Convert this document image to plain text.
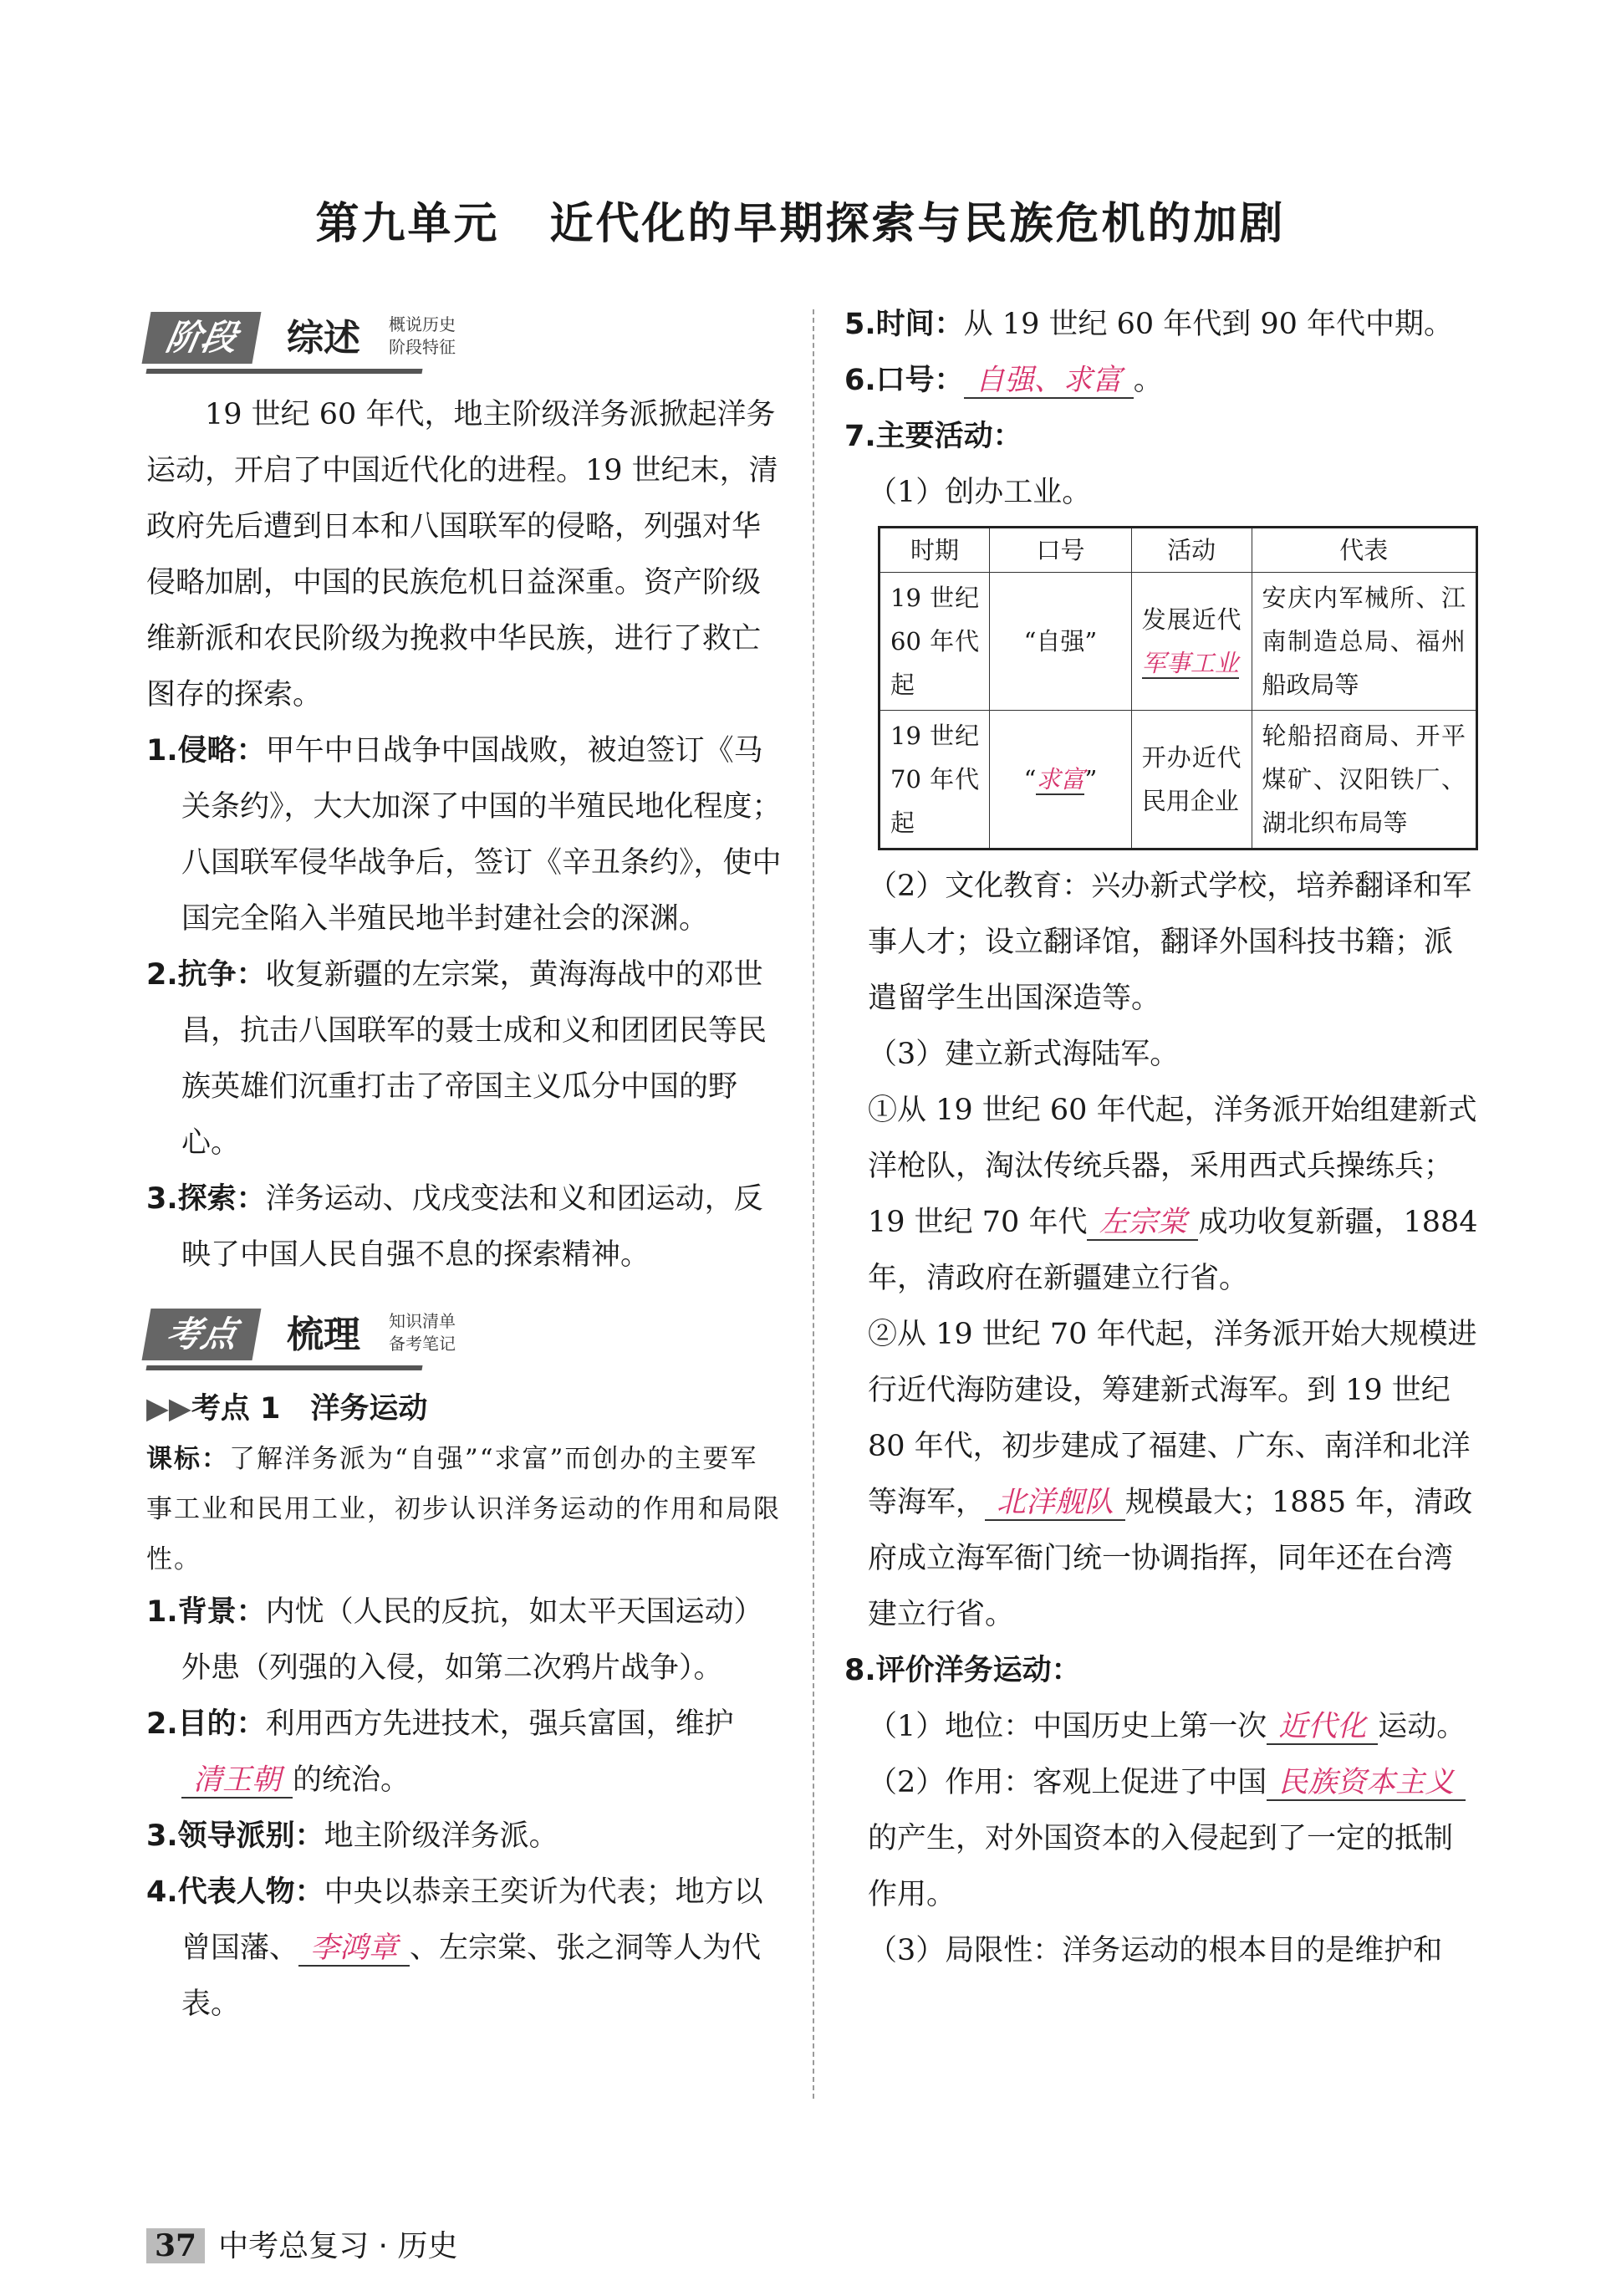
第九单元 近代化的早期探索与民族危机的加剧
阶段	综述 概说历史
阶段特征

19 世纪 60 年代，地主阶级洋务派掀起洋务运动，开启了中国近代化的进程。19 世纪末，清政府先后遭到日本和八国联军的侵略，列强对华侵略加剧，中国的民族危机日益深重。资产阶级维新派和农民阶级为挽救中华民族，进行了救亡图存的探索。

1.侵略：甲午中日战争中国战败，被迫签订《马关条约》，大大加深了中国的半殖民地化程度；八国联军侵华战争后，签订《辛丑条约》，使中国完全陷入半殖民地半封建社会的深渊。

2.抗争：收复新疆的左宗棠，黄海海战中的邓世昌，抗击八国联军的聂士成和义和团团民等民族英雄们沉重打击了帝国主义瓜分中国的野心。

3.探索：洋务运动、戊戌变法和义和团运动，反映了中国人民自强不息的探索精神。

考点	梳理 知识清单
备考笔记

▶▶考点 1 洋务运动

课标：了解洋务派为“自强”“求富”而创办的主要军事工业和民用工业，初步认识洋务运动的作用和局限性。

1.背景：内忧（人民的反抗，如太平天国运动）外患（列强的入侵，如第二次鸦片战争）。

2.目的：利用西方先进技术，强兵富国，维护清王朝 的统治。

3.领导派别：地主阶级洋务派。

4.代表人物：中央以恭亲王奕䜣为代表；地方以曾国藩、 李鸿章 、左宗棠、张之洞等人为代表。

5.时间：从 19 世纪 60 年代到 90 年代中期。

6.口号： 自强、求富 。

7.主要活动：

（1）创办工业。

时期	口号	活动	代表
19 世纪 60 年代起	“自强”	发展近代军事工业	安庆内军械所、江南制造总局、福州船政局等
19 世纪 70 年代起	“求富”	开办近代民用企业	轮船招商局、开平煤矿、汉阳铁厂、湖北织布局等

（2）文化教育：兴办新式学校，培养翻译和军事人才；设立翻译馆，翻译外国科技书籍；派遣留学生出国深造等。

（3）建立新式海陆军。

①从 19 世纪 60 年代起，洋务派开始组建新式洋枪队，淘汰传统兵器，采用西式兵操练兵；19 世纪 70 年代 左宗棠 成功收复新疆，1884 年，清政府在新疆建立行省。

②从 19 世纪 70 年代起，洋务派开始大规模进行近代海防建设，筹建新式海军。到 19 世纪 80 年代，初步建成了福建、广东、南洋和北洋等海军， 北洋舰队 规模最大；1885 年，清政府成立海军衙门统一协调指挥，同年还在台湾建立行省。

8.评价洋务运动：

（1）地位：中国历史上第一次 近代化 运动。

（2）作用：客观上促进了中国 民族资本主义的产生，对外国资本的入侵起到了一定的抵制作用。

（3）局限性：洋务运动的根本目的是维护和

37 中考总复习 · 历史
